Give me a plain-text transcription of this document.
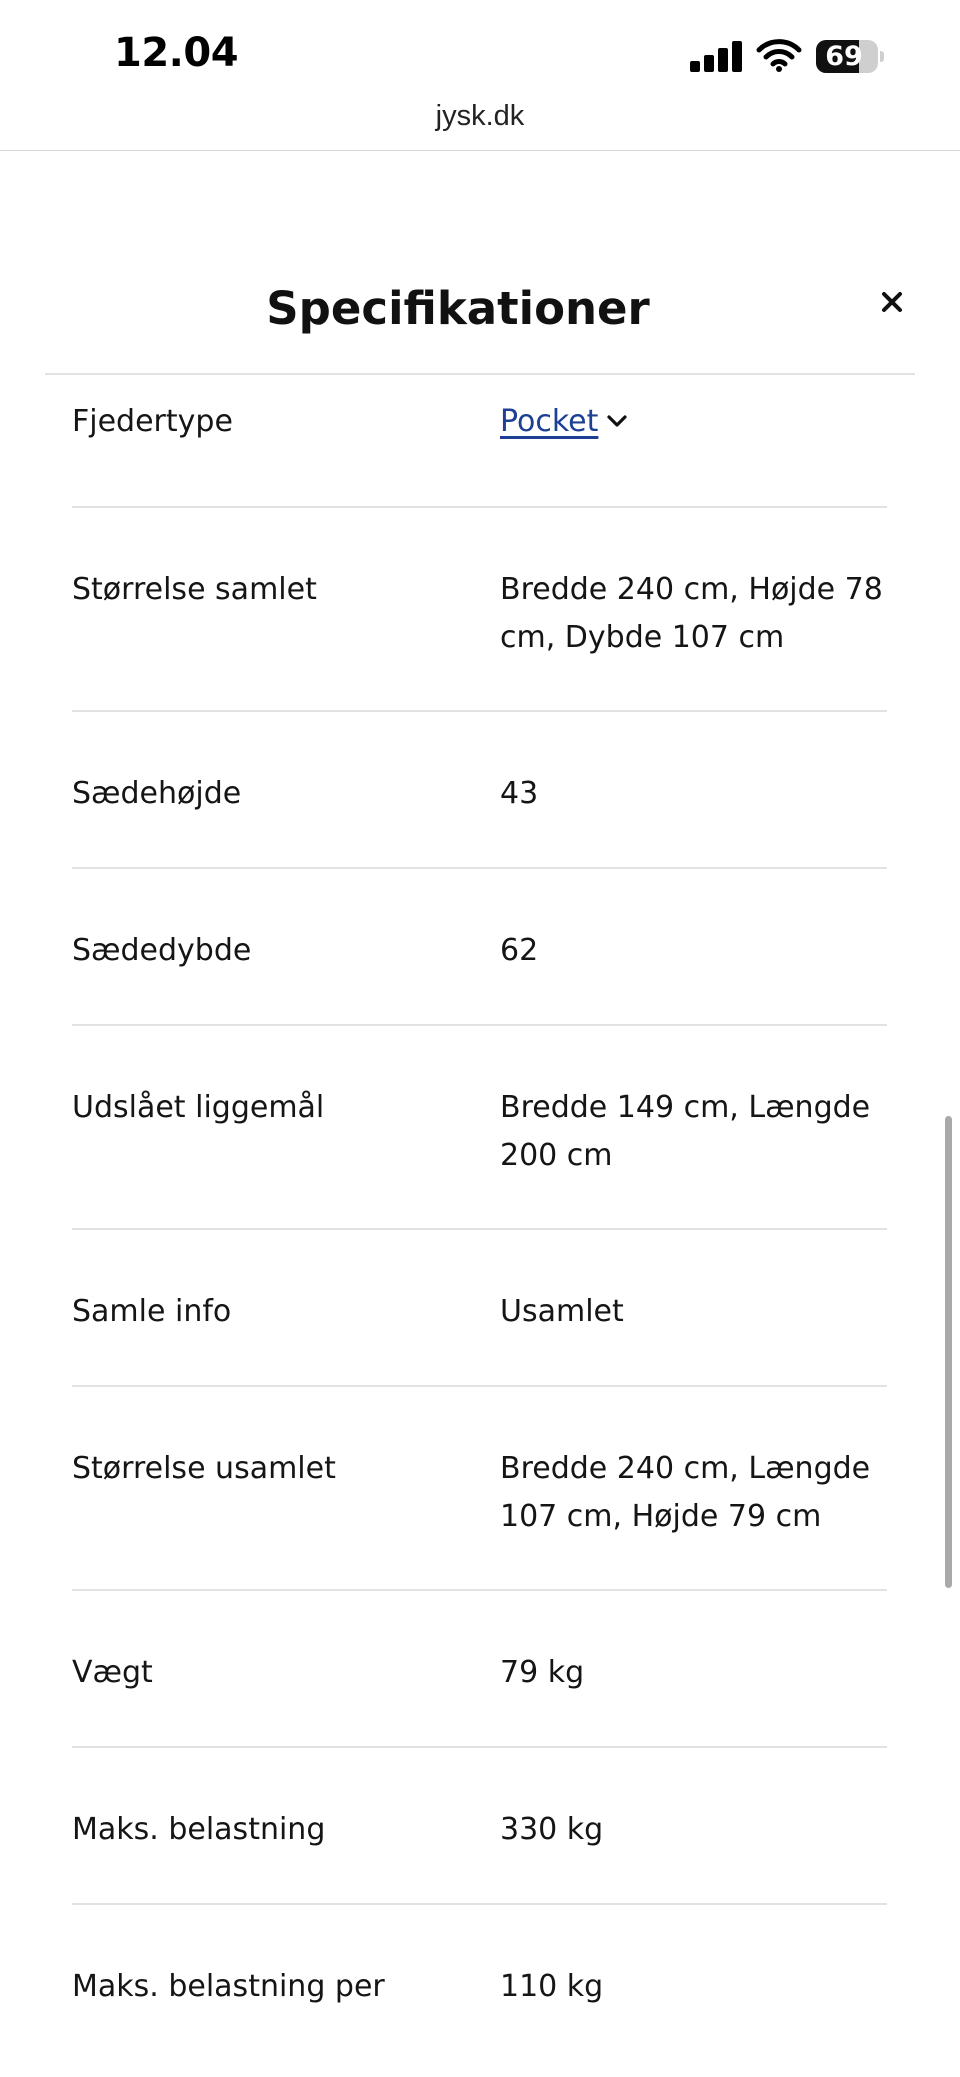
12.04	69
jysk.dk
Specifikationer
Fjedertype	Pocket
Størrelse samlet	Bredde 240 cm, Højde 78 cm, Dybde 107 cm
Sædehøjde	43
Sædedybde	62
Udslået liggemål	Bredde 149 cm, Længde 200 cm
Samle info	Usamlet
Størrelse usamlet	Bredde 240 cm, Længde 107 cm, Højde 79 cm
Vægt	79 kg
Maks. belastning	330 kg
Maks. belastning per	110 kg
